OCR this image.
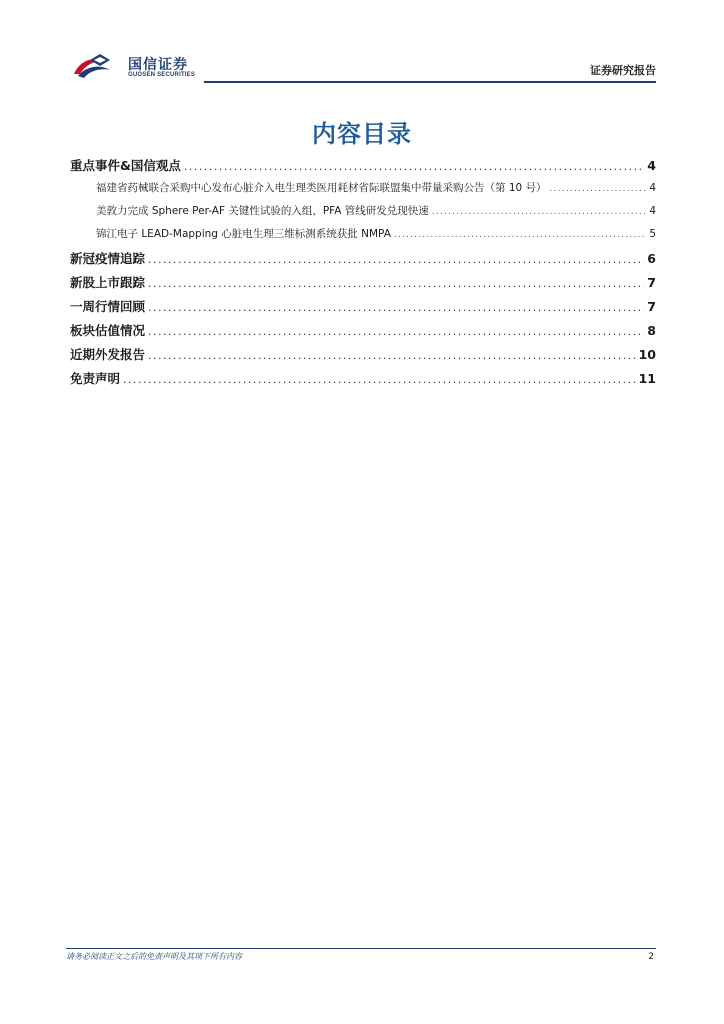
国信证券
GUOSEN SECURITIES	证券研究报告
内容目录
重点事件&国信观点 .....	4
福建省药械联合采购中心发布心脏介入电生理类医用耗材省际联盟集中带量采购公告（第 10 号） .....	4
美敦力完成 Sphere Per-AF 关键性试验的入组，PFA 管线研发兑现快速 .....	4
锦江电子 LEAD-Mapping 心脏电生理三维标测系统获批 NMPA .....	5
新冠疫情追踪 .....	6
新股上市跟踪 .....	7
一周行情回顾 .....	7
板块估值情况 .....	8
近期外发报告 .....	10
免责声明 .....	11
请务必阅读正文之后的免责声明及其项下所有内容	2
